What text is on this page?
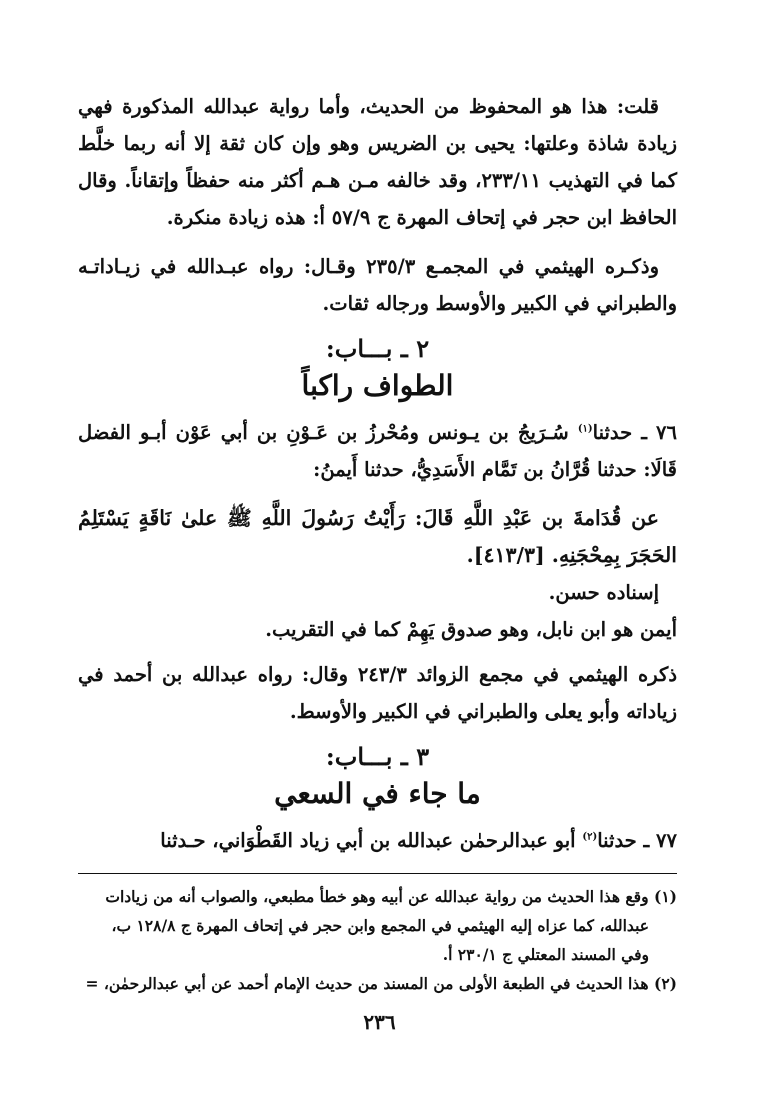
قلت: هذا هو المحفوظ من الحديث، وأما رواية عبدالله المذكورة فهي زيادة شاذة وعلتها: يحيى بن الضريس وهو وإن كان ثقة إلا أنه ربما خلَّط كما في التهذيب ٢٣٣/١١، وقد خالفه مـن هـم أكثر منه حفظاً وإتقاناً. وقال الحافظ ابن حجر في إتحاف المهرة ج ٥٧/٩ أ: هذه زيادة منكرة.

وذكـره الهيثمي في المجمـع ٢٣٥/٣ وقـال: رواه عبـدالله في زيـاداتـه والطبراني في الكبير والأوسط ورجاله ثقات.

٢ ـ بـــاب:
الطواف راكباً

٧٦ ـ حدثنا$^{(١)}$ سُـرَيجُ بن يـونس ومُحْرزُ بن عَـوْنِ بن أبي عَوْن أبـو الفضل قَالَا: حدثنا قُرَّانُ بن تَمَّام الأَسَدِيُّ، حدثنا أَيمنُ:

عن قُدَامةَ بن عَبْدِ اللَّهِ قَالَ: رَأَيْتُ رَسُولَ اللَّهِ ﷺ علىٰ نَاقَةٍ يَسْتَلِمُ الحَجَرَ بِمِحْجَنِهِ. [٤١٣/٣].

إسناده حسن.

أيمن هو ابن نابل، وهو صدوق يَهِمْ كما في التقريب.

ذكره الهيثمي في مجمع الزوائد ٢٤٣/٣ وقال: رواه عبدالله بن أحمد في زياداته وأبو يعلى والطبراني في الكبير والأوسط.

٣ ـ بـــاب:
ما جاء في السعي

٧٧ ـ حدثنا$^{(٢)}$ أبو عبدالرحمٰن عبدالله بن أبي زياد القَطْوَاني، حـدثنا

(١) وقع هذا الحديث من رواية عبدالله عن أبيه وهو خطأ مطبعي، والصواب أنه من زيادات
عبدالله، كما عزاه إليه الهيثمي في المجمع وابن حجر في إتحاف المهرة ج ١٢٨/٨ ب،
وفي المسند المعتلي ج ٢٣٠/١ أ.
(٢) هذا الحديث في الطبعة الأولى من المسند من حديث الإمام أحمد عن أبي عبدالرحمٰن، =
٢٣٦
